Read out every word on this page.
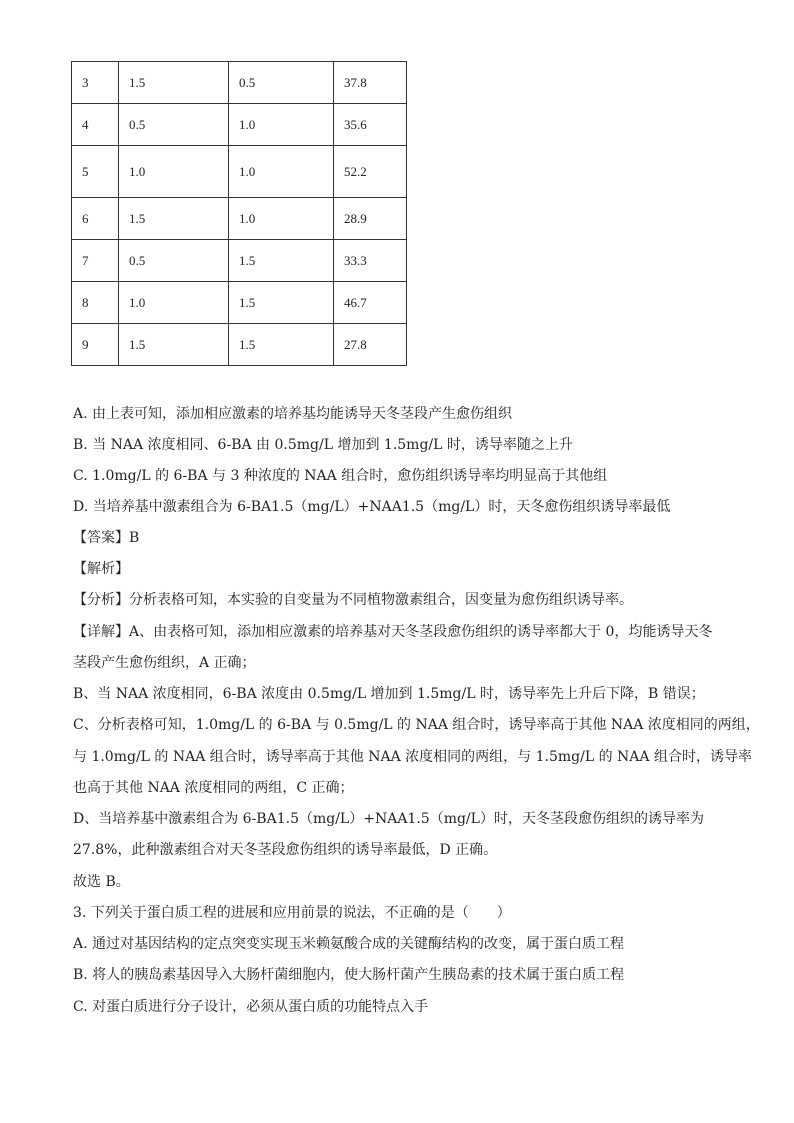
3	1.5	0.5	37.8
4	0.5	1.0	35.6
5	1.0	1.0	52.2
6	1.5	1.0	28.9
7	0.5	1.5	33.3
8	1.0	1.5	46.7
9	1.5	1.5	27.8
A. 由上表可知，添加相应激素的培养基均能诱导天冬茎段产生愈伤组织
B. 当 NAA 浓度相同、6-BA 由 0.5mg/L 增加到 1.5mg/L 时，诱导率随之上升
C. 1.0mg/L 的 6-BA 与 3 种浓度的 NAA 组合时，愈伤组织诱导率均明显高于其他组
D. 当培养基中激素组合为 6-BA1.5（mg/L）+NAA1.5（mg/L）时，天冬愈伤组织诱导率最低
【答案】B
【解析】
【分析】分析表格可知，本实验的自变量为不同植物激素组合，因变量为愈伤组织诱导率。
【详解】A、由表格可知，添加相应激素的培养基对天冬茎段愈伤组织的诱导率都大于 0，均能诱导天冬
茎段产生愈伤组织，A 正确；
B、当 NAA 浓度相同，6-BA 浓度由 0.5mg/L 增加到 1.5mg/L 时，诱导率先上升后下降，B 错误；
C、分析表格可知，1.0mg/L 的 6-BA 与 0.5mg/L 的 NAA 组合时，诱导率高于其他 NAA 浓度相同的两组，
与 1.0mg/L 的 NAA 组合时，诱导率高于其他 NAA 浓度相同的两组，与 1.5mg/L 的 NAA 组合时，诱导率
也高于其他 NAA 浓度相同的两组，C 正确；
D、当培养基中激素组合为 6-BA1.5（mg/L）+NAA1.5（mg/L）时，天冬茎段愈伤组织的诱导率为
27.8%，此种激素组合对天冬茎段愈伤组织的诱导率最低，D 正确。
故选 B。
3. 下列关于蛋白质工程的进展和应用前景的说法，不正确的是（　　）
A. 通过对基因结构的定点突变实现玉米赖氨酸合成的关键酶结构的改变，属于蛋白质工程
B. 将人的胰岛素基因导入大肠杆菌细胞内，使大肠杆菌产生胰岛素的技术属于蛋白质工程
C. 对蛋白质进行分子设计，必须从蛋白质的功能特点入手
